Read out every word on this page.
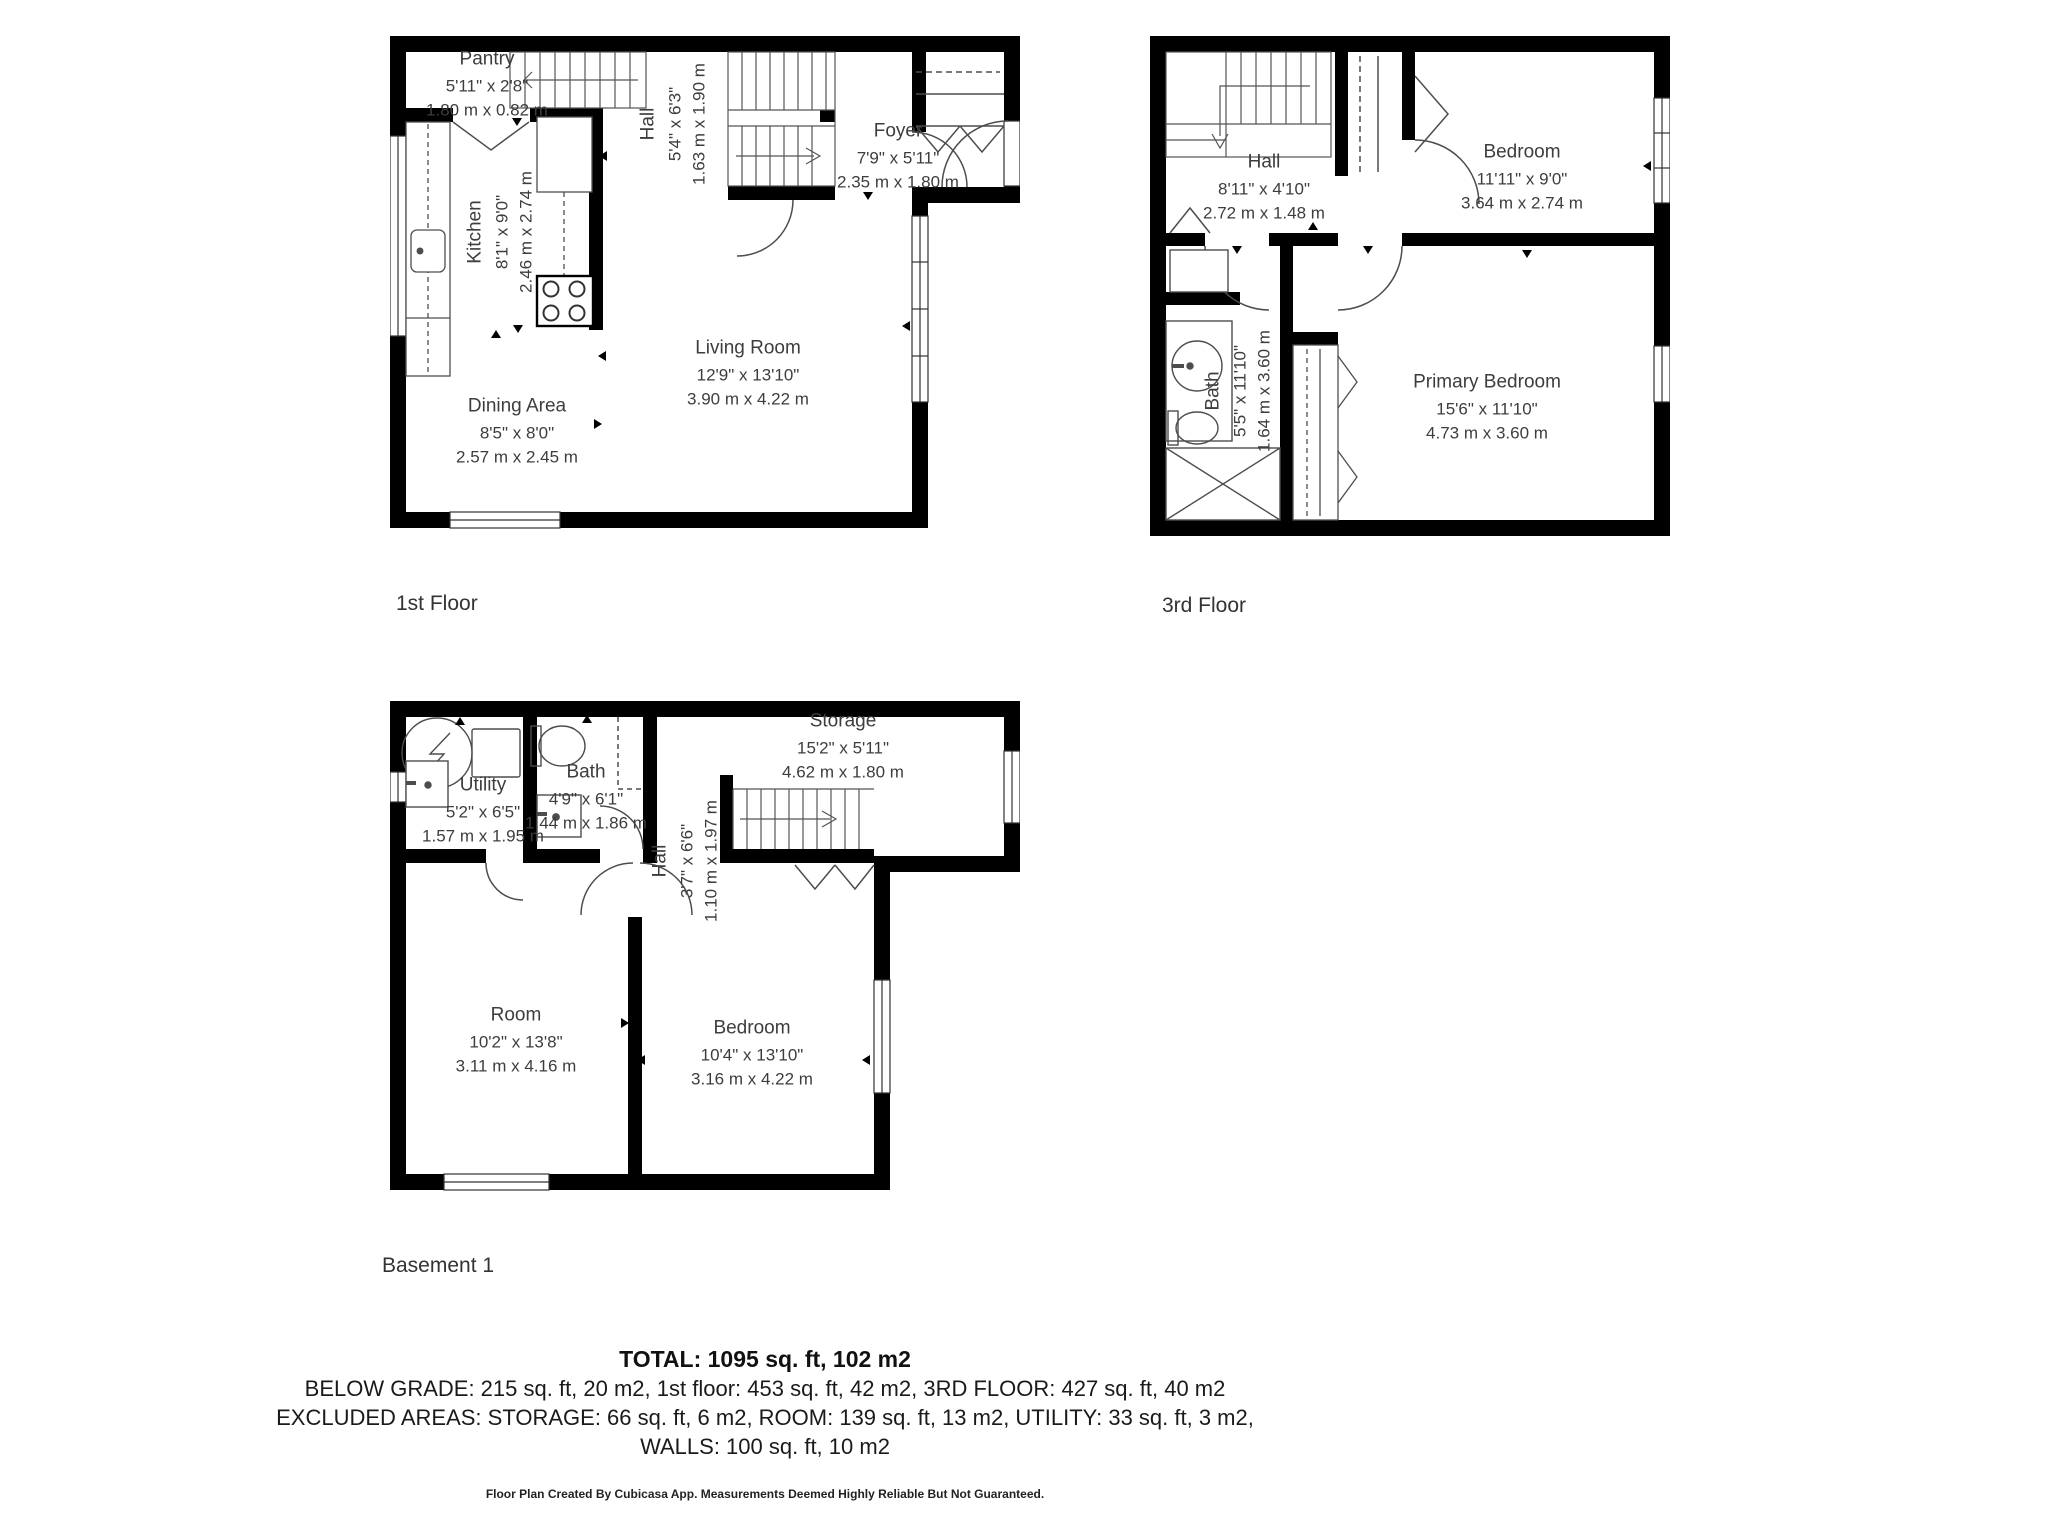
Pantry
5'11" x 2'8"
1.80 m x 0.82 m
Kitchen 8'1" x 9'0" 2.46 m x 2.74 m
Hall 5'4" x 6'3" 1.63 m x 1.90 m	Foyer
7'9" x 5'11"
2.35 m x 1.80 m
Living Room
12'9" x 13'10"
3.90 m x 4.22 m
Dining Area
8'5" x 8'0"
2.57 m x 2.45 m
1st Floor
Hall
8'11" x 4'10"
2.72 m x 1.48 m
Bedroom
11'11" x 9'0"
3.64 m x 2.74 m
Bath 5'5" x 11'10" 1.64 m x 3.60 m	Primary Bedroom
15'6" x 11'10"
4.73 m x 3.60 m
3rd Floor
Utility
5'2" x 6'5"
1.57 m x 1.95 m
Bath
4'9" x 6'1"
1.44 m x 1.86 m
Hall 3'7" x 6'6" 1.10 m x 1.97 m
Storage
15'2" x 5'11"
4.62 m x 1.80 m
Room
10'2" x 13'8"
3.11 m x 4.16 m
Bedroom
10'4" x 13'10"
3.16 m x 4.22 m
Basement 1
TOTAL: 1095 sq. ft, 102 m2
BELOW GRADE: 215 sq. ft, 20 m2, 1st floor: 453 sq. ft, 42 m2, 3RD FLOOR: 427 sq. ft, 40 m2
EXCLUDED AREAS: STORAGE: 66 sq. ft, 6 m2, ROOM: 139 sq. ft, 13 m2, UTILITY: 33 sq. ft, 3 m2,
WALLS: 100 sq. ft, 10 m2
Floor Plan Created By Cubicasa App. Measurements Deemed Highly Reliable But Not Guaranteed.
